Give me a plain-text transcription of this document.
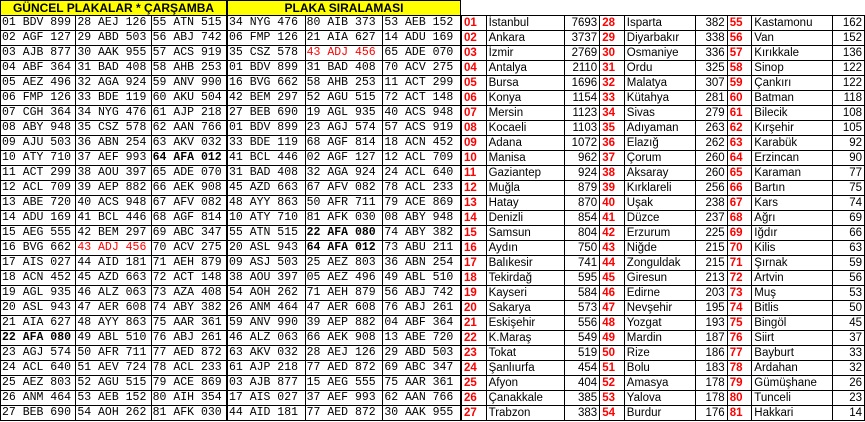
GÜNCEL PLAKALAR * ÇARŞAMBA	PLAKA SIRALAMASI
01 BDV 899	28 AEJ 126	55 ATN 515
02 AGF 127	29 ABD 503	56 ABJ 742
03 AJB 877	30 AAK 955	57 ACS 919
04 ABF 364	31 BAD 408	58 AHB 253
05 AEZ 496	32 AGA 924	59 ANV 990
06 FMP 126	33 BDE 119	60 AKU 504
07 CGH 364	34 NYG 476	61 AJP 218
08 ABY 948	35 CSZ 578	62 AAN 766
09 AJU 503	36 ABN 254	63 AKV 032
10 ATY 710	37 AEF 993	64 AFA 012
11 ACT 299	38 AOU 397	65 ADE 070
12 ACL 709	39 AEP 882	66 AEK 908
13 ABE 720	40 ACS 948	67 AFV 082
14 ADU 169	41 BCL 446	68 AGF 814
15 AEG 555	42 BEM 297	69 ABC 347
16 BVG 662	43 ADJ 456	70 ACV 275
17 AIS 027	44 AID 181	71 AEH 879
18 ACN 452	45 AZD 663	72 ACT 148
19 AGL 935	46 ALZ 063	73 AZA 408
20 ASL 943	47 AER 608	74 ABY 382
21 AIA 627	48 AYY 863	75 AAR 361
22 AFA 080	49 ABL 510	76 ABJ 261
23 AGJ 574	50 AFR 711	77 AED 872
24 ACL 640	51 AEV 724	78 ACL 233
25 AEZ 803	52 AGU 515	79 ACE 869
26 ANM 464	53 AEB 152	80 AIH 354
27 BEB 690	54 AOH 262	81 AFK 030
34 NYG 476	80 AIB 373	53 AEB 152
06 FMP 126	21 AIA 627	14 ADU 169
35 CSZ 578	43 ADJ 456	65 ADE 070
01 BDV 899	31 BAD 408	70 ACV 275
16 BVG 662	58 AHB 253	11 ACT 299
42 BEM 297	52 AGU 515	72 ACT 148
27 BEB 690	19 AGL 935	40 ACS 948
01 BDV 899	23 AGJ 574	57 ACS 919
33 BDE 119	68 AGF 814	18 ACN 452
41 BCL 446	02 AGF 127	12 ACL 709
31 BAD 408	32 AGA 924	24 ACL 640
45 AZD 663	67 AFV 082	78 ACL 233
48 AYY 863	50 AFR 711	79 ACE 869
10 ATY 710	81 AFK 030	08 ABY 948
55 ATN 515	22 AFA 080	74 ABY 382
20 ASL 943	64 AFA 012	73 ABU 211
09 ASJ 503	25 AEZ 803	36 ABN 254
38 AOU 397	05 AEZ 496	49 ABL 510
54 AOH 262	71 AEH 879	56 ABJ 742
26 ANM 464	47 AER 608	76 ABJ 261
59 ANV 990	39 AEP 882	04 ABF 364
46 ALZ 063	66 AEK 908	13 ABE 720
63 AKV 032	28 AEJ 126	29 ABD 503
61 AJP 218	77 AED 872	69 ABC 347
03 AJB 877	15 AEG 555	75 AAR 361
17 AIS 027	37 AEF 993	62 AAN 766
44 AID 181	77 AED 872	30 AAK 955
01	İstanbul	7693	28	Isparta	382	55	Kastamonu	162
02	Ankara	3737	29	Diyarbakır	338	56	Van	152
03	İzmir	2769	30	Osmaniye	336	57	Kırıkkale	136
04	Antalya	2110	31	Ordu	325	58	Sinop	122
05	Bursa	1696	32	Malatya	307	59	Çankırı	122
06	Konya	1154	33	Kütahya	281	60	Batman	118
07	Mersin	1123	34	Sivas	279	61	Bilecik	108
08	Kocaeli	1103	35	Adıyaman	263	62	Kırşehir	105
09	Adana	1072	36	Elazığ	262	63	Karabük	92
10	Manisa	962	37	Çorum	260	64	Erzincan	90
11	Gaziantep	924	38	Aksaray	260	65	Karaman	77
12	Muğla	879	39	Kırklareli	256	66	Bartın	75
13	Hatay	870	40	Uşak	238	67	Kars	74
14	Denizli	854	41	Düzce	237	68	Ağrı	69
15	Samsun	804	42	Erzurum	225	69	Iğdır	66
16	Aydın	750	43	Niğde	215	70	Kilis	63
17	Balıkesir	741	44	Zonguldak	215	71	Şırnak	59
18	Tekirdağ	595	45	Giresun	213	72	Artvin	56
19	Kayseri	584	46	Edirne	203	73	Muş	53
20	Sakarya	573	47	Nevşehir	195	74	Bitlis	50
21	Eskişehir	556	48	Yozgat	193	75	Bingöl	45
22	K.Maraş	549	49	Mardin	187	76	Siirt	37
23	Tokat	519	50	Rize	186	77	Bayburt	33
24	Şanlıurfa	454	51	Bolu	183	78	Ardahan	32
25	Afyon	404	52	Amasya	178	79	Gümüşhane	26
26	Çanakkale	385	53	Yalova	178	80	Tunceli	23
27	Trabzon	383	54	Burdur	176	81	Hakkari	14
